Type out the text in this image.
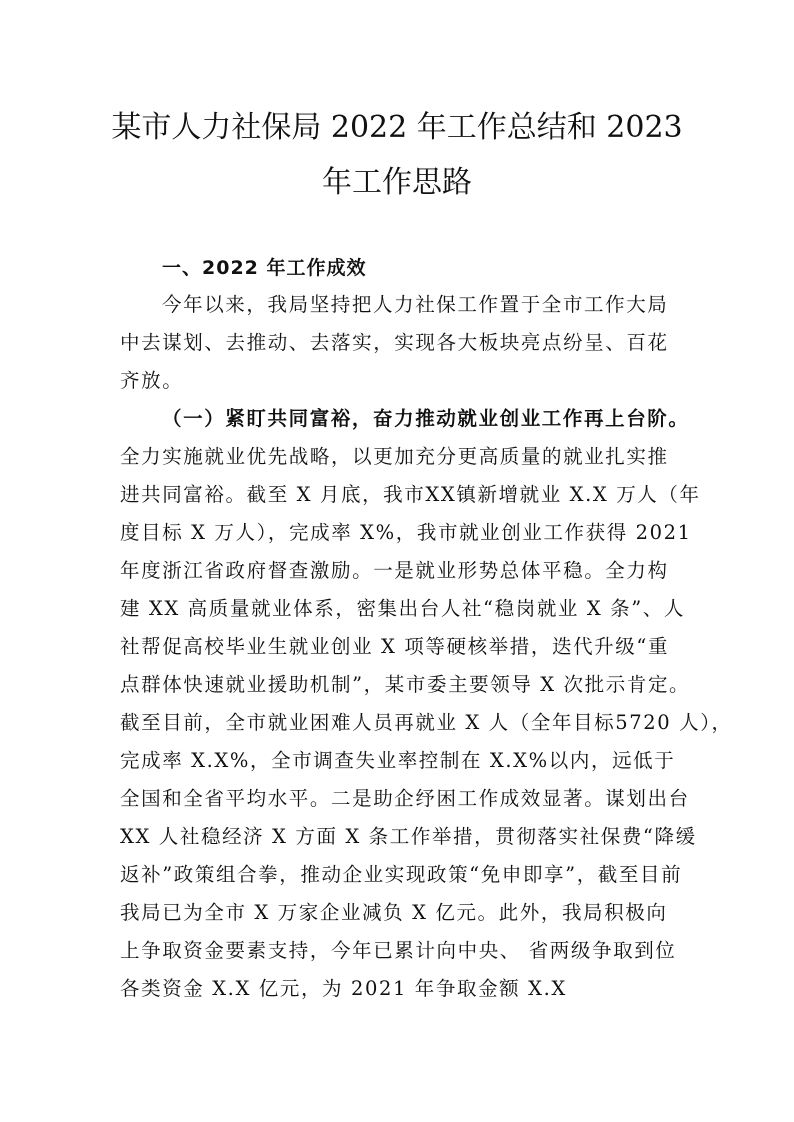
某市人力社保局 2022 年工作总结和 2023
年工作思路
一、2022 年工作成效
今年以来，我局坚持把人力社保工作置于全市工作大局
中去谋划、去推动、去落实，实现各大板块亮点纷呈、百花
齐放。
（一）紧盯共同富裕，奋力推动就业创业工作再上台阶。
全力实施就业优先战略，以更加充分更高质量的就业扎实推
进共同富裕。截至 X 月底，我市XX镇新增就业 X.X 万人（年
度目标 X 万人），完成率 X%，我市就业创业工作获得 2021
年度浙江省政府督查激励。一是就业形势总体平稳。全力构
建 XX 高质量就业体系，密集出台人社“稳岗就业 X 条”、人
社帮促高校毕业生就业创业 X 项等硬核举措，迭代升级“重
点群体快速就业援助机制”，某市委主要领导 X 次批示肯定。
截至目前，全市就业困难人员再就业 X 人（全年目标5720 人），
完成率 X.X%，全市调查失业率控制在 X.X%以内，远低于
全国和全省平均水平。二是助企纾困工作成效显著。谋划出台
XX 人社稳经济 X 方面 X 条工作举措，贯彻落实社保费“降缓
返补”政策组合拳，推动企业实现政策“免申即享”，截至目前
我局已为全市 X 万家企业减负 X 亿元。此外，我局积极向
上争取资金要素支持，今年已累计向中央、 省两级争取到位
各类资金 X.X 亿元，为 2021 年争取金额 X.X
